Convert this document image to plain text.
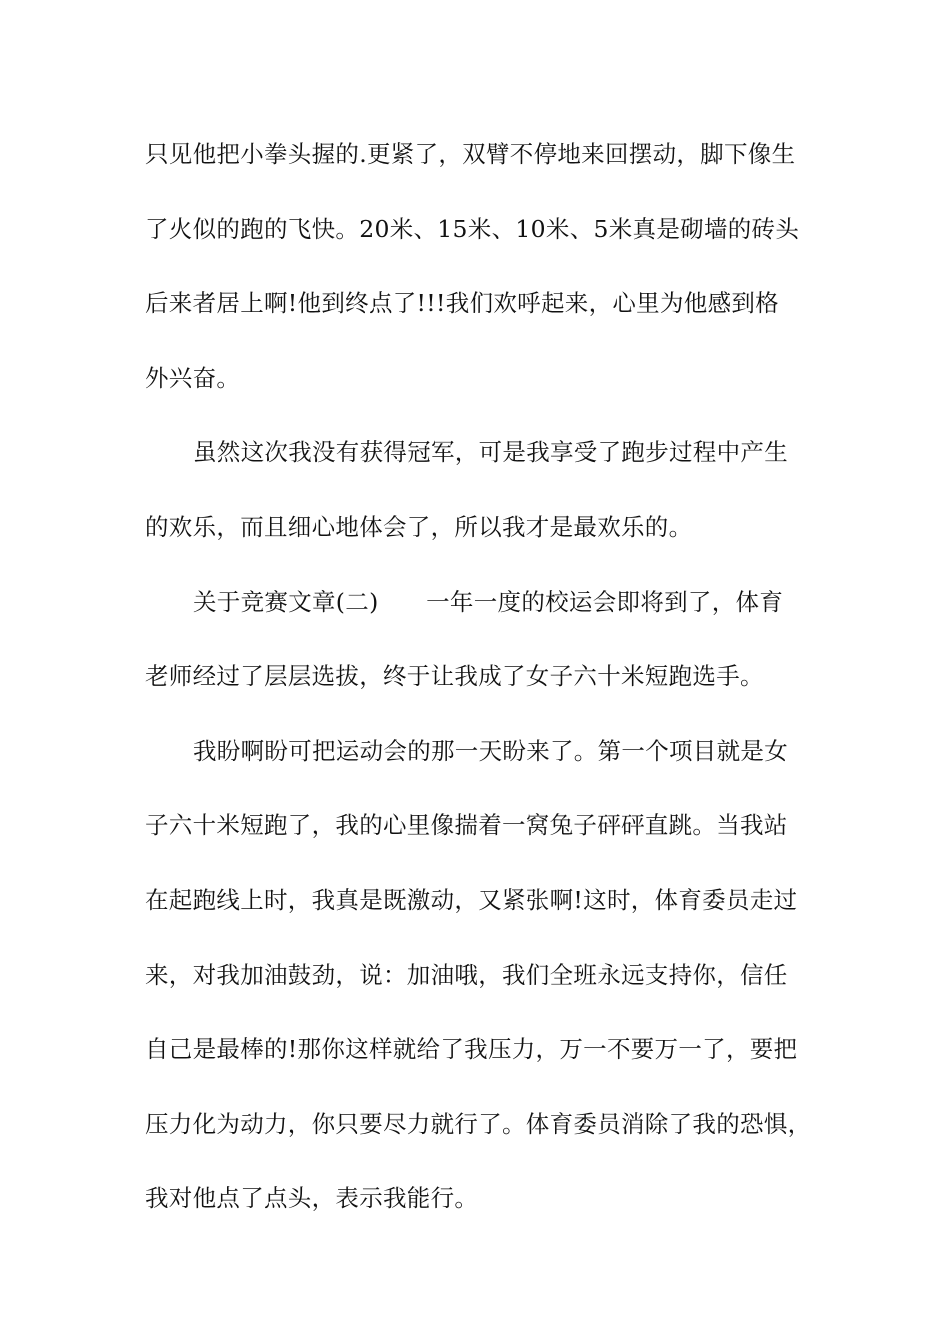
只见他把小拳头握的.更紧了，双臂不停地来回摆动，脚下像生
了火似的跑的飞快。20米、15米、10米、5米真是砌墙的砖头
后来者居上啊!他到终点了!!!我们欢呼起来，心里为他感到格
外兴奋。
虽然这次我没有获得冠军，可是我享受了跑步过程中产生
的欢乐，而且细心地体会了，所以我才是最欢乐的。
关于竞赛文章(二)　　一年一度的校运会即将到了，体育
老师经过了层层选拔，终于让我成了女子六十米短跑选手。
我盼啊盼可把运动会的那一天盼来了。第一个项目就是女
子六十米短跑了，我的心里像揣着一窝兔子砰砰直跳。当我站
在起跑线上时，我真是既激动，又紧张啊!这时，体育委员走过
来，对我加油鼓劲，说：加油哦，我们全班永远支持你，信任
自己是最棒的!那你这样就给了我压力，万一不要万一了，要把
压力化为动力，你只要尽力就行了。体育委员消除了我的恐惧，
我对他点了点头，表示我能行。
